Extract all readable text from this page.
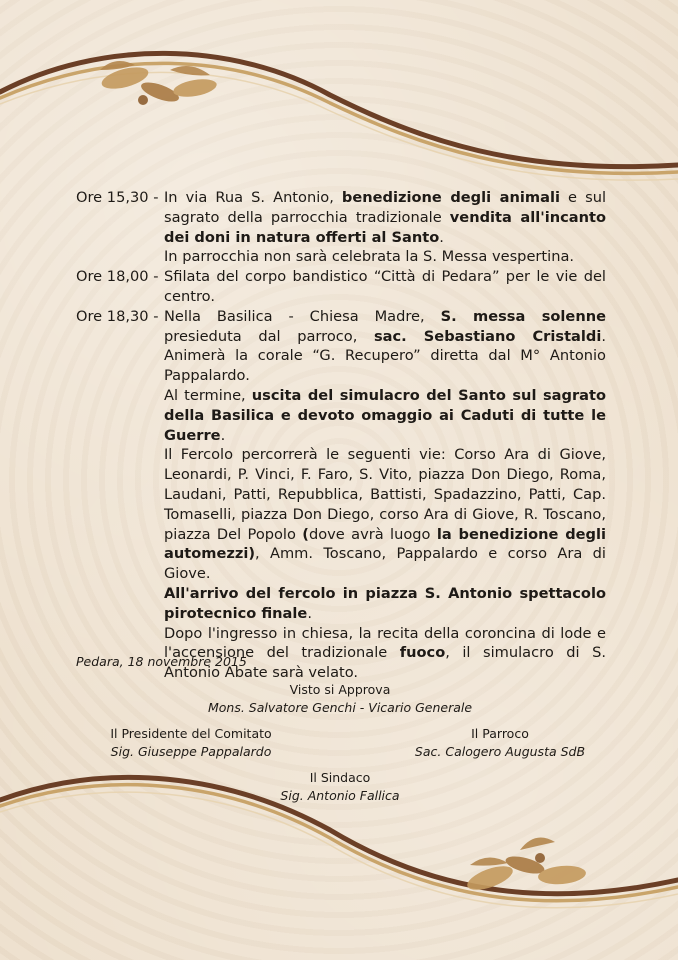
Ore 15,30 - In via Rua S. Antonio, benedizione degli animali e sul sagrato della parrocchia tradizionale vendita all'incanto dei doni in natura offerti al Santo.

In parrocchia non sarà celebrata la S. Messa vespertina.

Ore 18,00 - Sfilata del corpo bandistico “Città di Pedara” per le vie del centro.

Ore 18,30 - Nella Basilica - Chiesa Madre, S. messa solenne presieduta dal parroco, sac. Sebastiano Cristaldi. Animerà la corale “G. Recupero” diretta dal M° Antonio Pappalardo.

Al termine, uscita del simulacro del Santo sul sagrato della Basilica e devoto omaggio ai Caduti di tutte le Guerre.

Il Fercolo percorrerà le seguenti vie: Corso Ara di Giove, Leonardi, P. Vinci, F. Faro, S. Vito, piazza Don Diego, Roma, Laudani, Patti, Repubblica, Battisti, Spadazzino, Patti, Cap. Tomaselli, piazza Don Diego, corso Ara di Giove, R. Toscano, piazza Del Popolo (dove avrà luogo la benedizione degli automezzi), Amm. Toscano, Pappalardo e corso Ara di Giove.

All'arrivo del fercolo in piazza S. Antonio spettacolo pirotecnico finale.

Dopo l'ingresso in chiesa, la recita della coroncina di lode e l'accensione del tradizionale fuoco, il simulacro di S. Antonio Abate sarà velato.

Pedara, 18 novembre 2015
Visto si Approva
Mons. Salvatore Genchi - Vicario Generale
Il Presidente del Comitato
Sig. Giuseppe Pappalardo
Il Parroco
Sac. Calogero Augusta SdB
Il Sindaco
Sig. Antonio Fallica
